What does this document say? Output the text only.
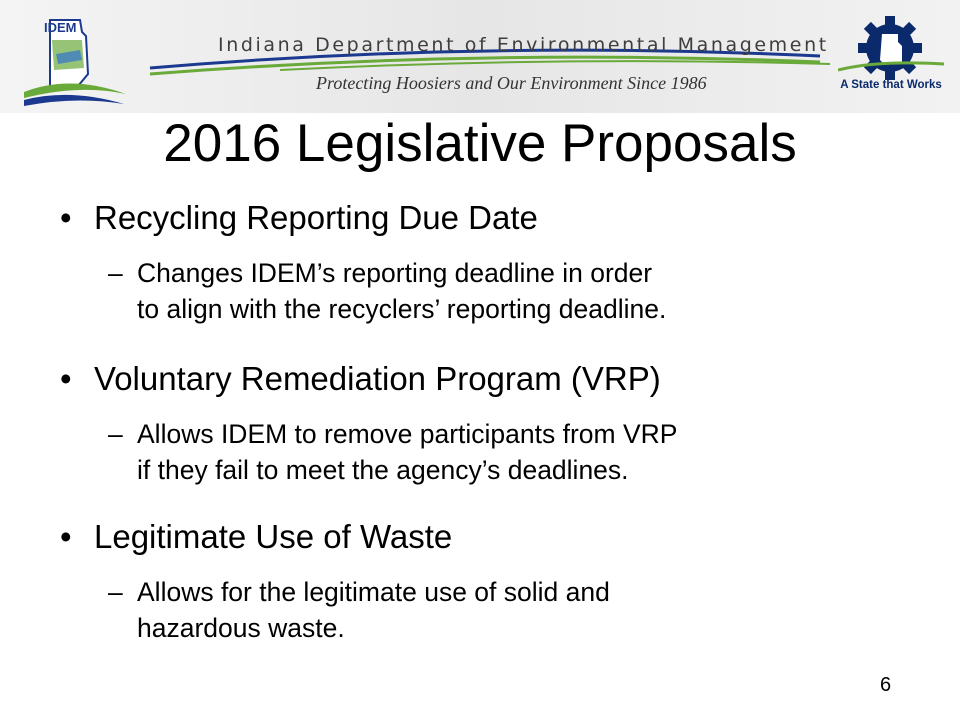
IDEM
Indiana Department of Environmental Management
Protecting Hoosiers and Our Environment Since 1986	A State that Works
2016 Legislative Proposals
• Recycling Reporting Due Date
– Changes IDEM’s reporting deadline in order
to align with the recyclers’ reporting deadline.
• Voluntary Remediation Program (VRP)
– Allows IDEM to remove participants from VRP
if they fail to meet the agency’s deadlines.
• Legitimate Use of Waste
– Allows for the legitimate use of solid and
hazardous waste.
6
